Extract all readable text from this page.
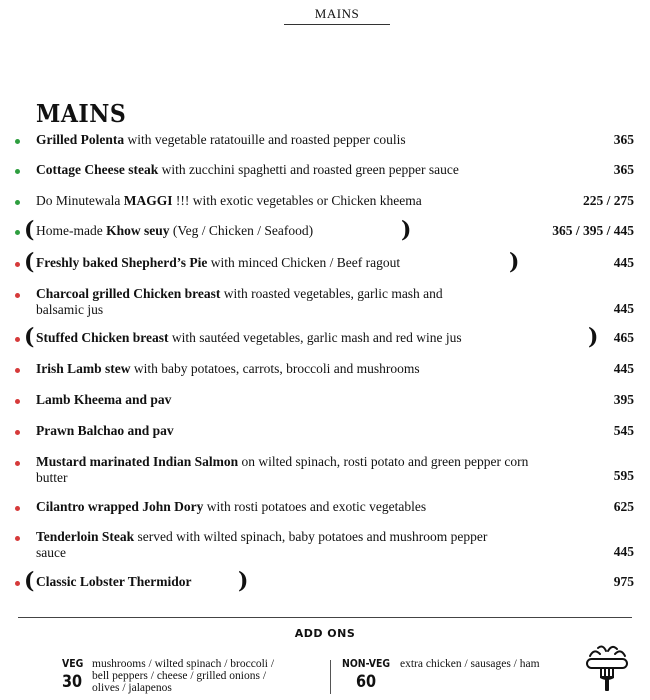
MAINS
MAINS
Grilled Polenta with vegetable ratatouille and roasted pepper coulis	365
Cottage Cheese steak with zucchini spaghetti and roasted green pepper sauce	365
Do Minutewala MAGGI !!! with exotic vegetables or Chicken kheema	225 / 275
( Home-made Khow seuy (Veg / Chicken / Seafood)	)	365 / 395 / 445
( Freshly baked Shepherd’s Pie with minced Chicken / Beef ragout	)	445
Charcoal grilled Chicken breast with roasted vegetables, garlic mash and balsamic jus	445
( Stuffed Chicken breast with sautéed vegetables, garlic mash and red wine jus	) 465
Irish Lamb stew with baby potatoes, carrots, broccoli and mushrooms	445
Lamb Kheema and pav	395
Prawn Balchao and pav	545
Mustard marinated Indian Salmon on wilted spinach, rosti potato and green pepper corn butter	595
Cilantro wrapped John Dory with rosti potatoes and exotic vegetables	625
Tenderloin Steak served with wilted spinach, baby potatoes and mushroom pepper sauce	445
( Classic Lobster Thermidor	)	975
ADD ONS
VEG
30
mushrooms / wilted spinach / broccoli / bell peppers / cheese / grilled onions / olives / jalapenos
NON-VEG
60
extra chicken / sausages / ham
